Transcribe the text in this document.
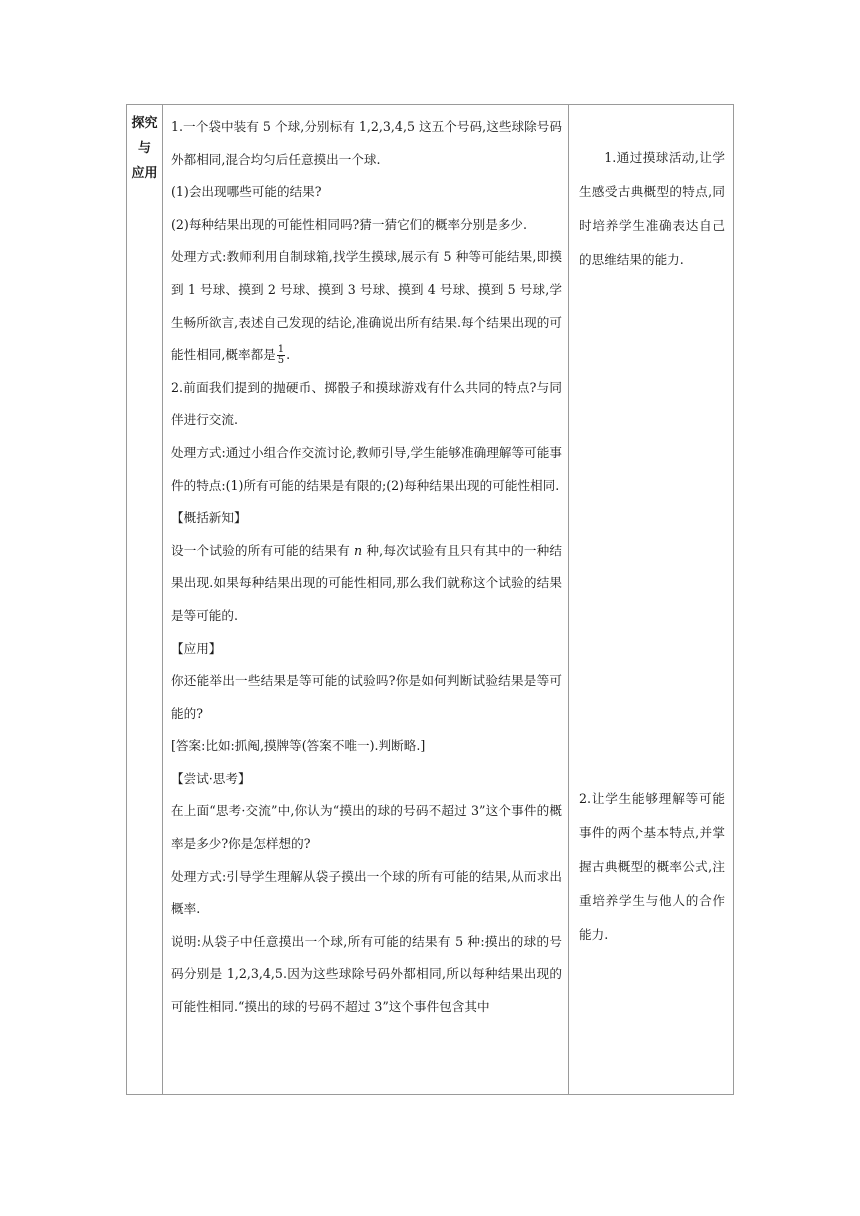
探究
与
应用

1.一个袋中装有 5 个球,分别标有 1,2,3,4,5 这五个号码,这些球除号码外都相同,混合均匀后任意摸出一个球.

(1)会出现哪些可能的结果?

(2)每种结果出现的可能性相同吗?猜一猜它们的概率分别是多少.

处理方式:教师利用自制球箱,找学生摸球,展示有 5 种等可能结果,即摸到 1 号球、摸到 2 号球、摸到 3 号球、摸到 4 号球、摸到 5 号球,学生畅所欲言,表述自己发现的结论,准确说出所有结果.每个结果出现的可能性相同,概率都是 $\frac{1}{5}$ .

2.前面我们提到的抛硬币、掷骰子和摸球游戏有什么共同的特点?与同伴进行交流.

处理方式:通过小组合作交流讨论,教师引导,学生能够准确理解等可能事件的特点:(1)所有可能的结果是有限的;(2)每种结果出现的可能性相同.

【概括新知】

设一个试验的所有可能的结果有 n 种,每次试验有且只有其中的一种结果出现.如果每种结果出现的可能性相同,那么我们就称这个试验的结果是等可能的.

【应用】

你还能举出一些结果是等可能的试验吗?你是如何判断试验结果是等可能的?

[答案:比如:抓阄,摸牌等(答案不唯一).判断略.]

【尝试·思考】

在上面“思考·交流”中,你认为“摸出的球的号码不超过 3”这个事件的概率是多少?你是怎样想的?

处理方式:引导学生理解从袋子摸出一个球的所有可能的结果,从而求出概率.

说明:从袋子中任意摸出一个球,所有可能的结果有 5 种:摸出的球的号码分别是 1,2,3,4,5.因为这些球除号码外都相同,所以每种结果出现的可能性相同.“摸出的球的号码不超过 3”这个事件包含其中

1.通过摸球活动,让学生感受古典概型的特点,同时培养学生准确表达自己的思维结果的能力.

2.让学生能够理解等可能事件的两个基本特点,并掌握古典概型的概率公式,注重培养学生与他人的合作能力.
